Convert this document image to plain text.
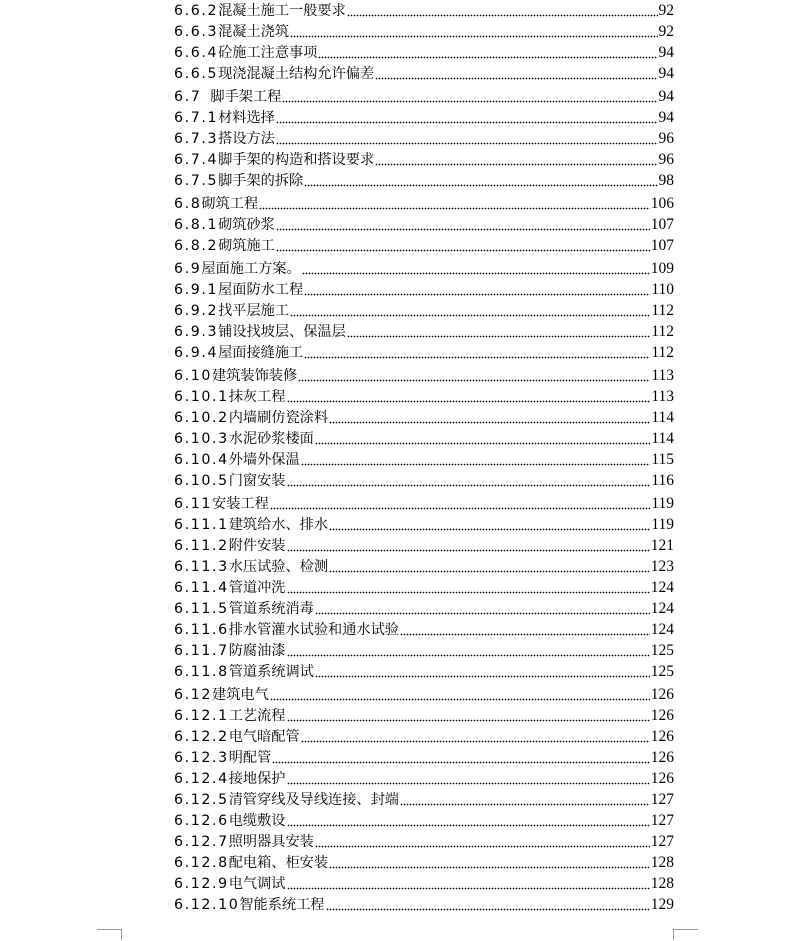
6.6.2 混凝土施工一般要求	92
6.6.3 混凝土浇筑	92
6.6.4 砼施工注意事项	94
6.6.5 现浇混凝土结构允许偏差	94
6.7 脚手架工程	94
6.7.1 材料选择	94
6.7.3 搭设方法	96
6.7.4 脚手架的构造和搭设要求	96
6.7.5 脚手架的拆除	98
6.8 砌筑工程	106
6.8.1 砌筑砂浆	107
6.8.2 砌筑施工	107
6.9 屋面施工方案。	109
6.9.1 屋面防水工程	110
6.9.2 找平层施工	112
6.9.3 铺设找坡层、保温层	112
6.9.4 屋面接缝施工	112
6.10 建筑装饰装修	113
6.10.1 抹灰工程	113
6.10.2 内墙刷仿瓷涂料	114
6.10.3 水泥砂浆楼面	114
6.10.4 外墙外保温	115
6.10.5 门窗安装	116
6.11 安装工程	119
6.11.1 建筑给水、排水	119
6.11.2 附件安装	121
6.11.3 水压试验、检测	123
6.11.4 管道冲洗	124
6.11.5 管道系统消毒	124
6.11.6 排水管灌水试验和通水试验	124
6.11.7 防腐油漆	125
6.11.8 管道系统调试	125
6.12 建筑电气	126
6.12.1 工艺流程	126
6.12.2 电气暗配管	126
6.12.3 明配管	126
6.12.4 接地保护	126
6.12.5 清管穿线及导线连接、封端	127
6.12.6 电缆敷设	127
6.12.7 照明器具安装	127
6.12.8 配电箱、柜安装	128
6.12.9 电气调试	128
6.12.10 智能系统工程	129
